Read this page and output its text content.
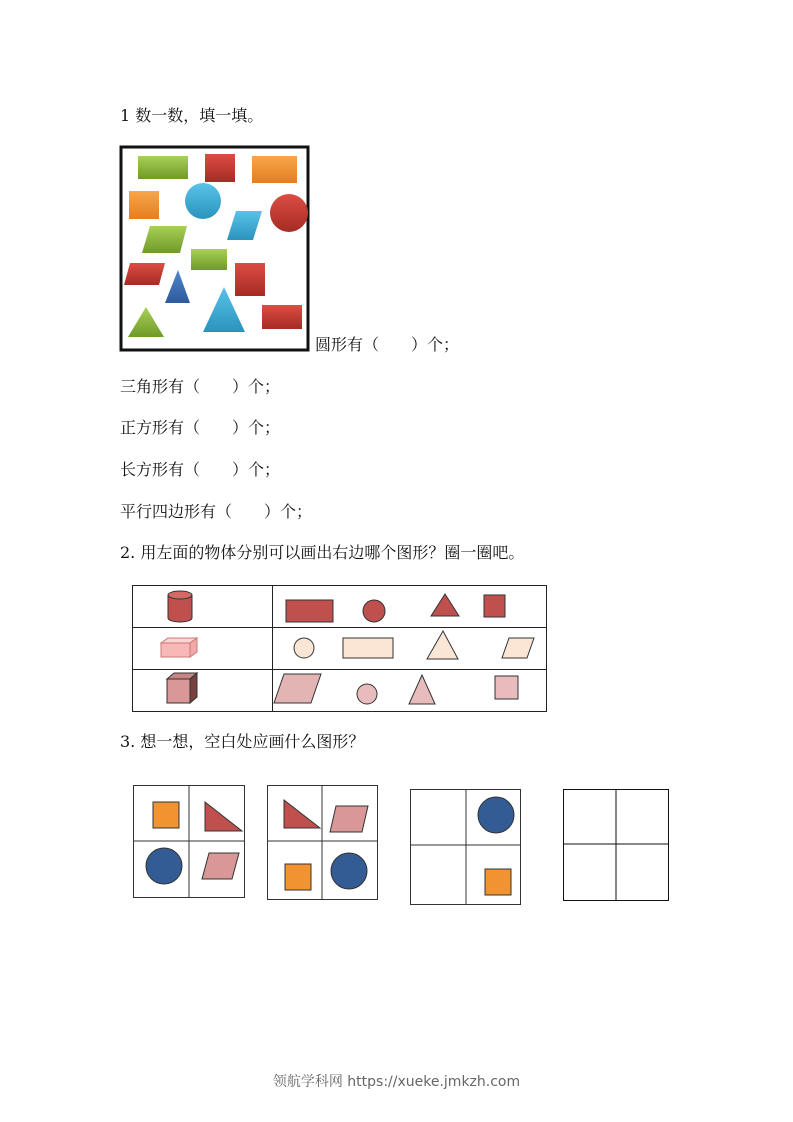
1 数一数，填一填。
圆形有（　　）个；
三角形有（　　）个；
正方形有（　　）个；
长方形有（　　）个；
平行四边形有（　　）个；
2. 用左面的物体分别可以画出右边哪个图形？圈一圈吧。

3. 想一想，空白处应画什么图形？
领航学科网 https://xueke.jmkzh.com
